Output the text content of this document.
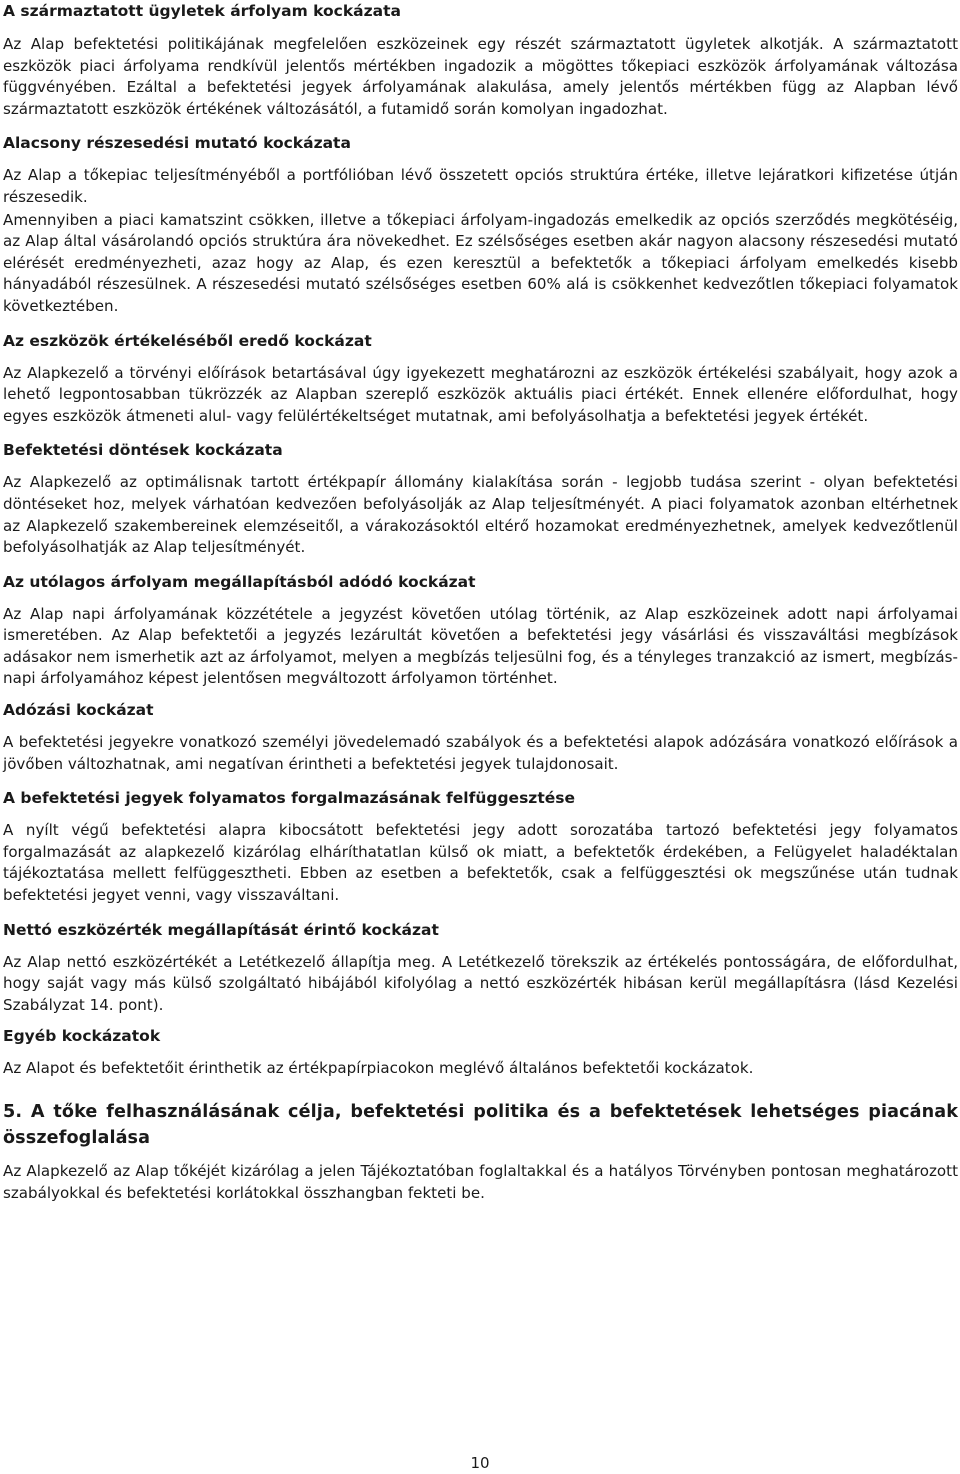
A származtatott ügyletek árfolyam kockázata

Az Alap befektetési politikájának megfelelően eszközeinek egy részét származtatott ügyletek alkotják. A származtatott eszközök piaci árfolyama rendkívül jelentős mértékben ingadozik a mögöttes tőkepiaci eszközök árfolyamának változása függvényében. Ezáltal a befektetési jegyek árfolyamának alakulása, amely jelentős mértékben függ az Alapban lévő származtatott eszközök értékének változásától, a futamidő során komolyan ingadozhat.

Alacsony részesedési mutató kockázata

Az Alap a tőkepiac teljesítményéből a portfólióban lévő összetett opciós struktúra értéke, illetve lejáratkori kifizetése útján részesedik.

Amennyiben a piaci kamatszint csökken, illetve a tőkepiaci árfolyam-ingadozás emelkedik az opciós szerződés megkötéséig, az Alap által vásárolandó opciós struktúra ára növekedhet. Ez szélsőséges esetben akár nagyon alacsony részesedési mutató elérését eredményezheti, azaz hogy az Alap, és ezen keresztül a befektetők a tőkepiaci árfolyam emelkedés kisebb hányadából részesülnek. A részesedési mutató szélsőséges esetben 60% alá is csökkenhet kedvezőtlen tőkepiaci folyamatok következtében.

Az eszközök értékeléséből eredő kockázat

Az Alapkezelő a törvényi előírások betartásával úgy igyekezett meghatározni az eszközök értékelési szabályait, hogy azok a lehető legpontosabban tükrözzék az Alapban szereplő eszközök aktuális piaci értékét. Ennek ellenére előfordulhat, hogy egyes eszközök átmeneti alul- vagy felülértékeltséget mutatnak, ami befolyásolhatja a befektetési jegyek értékét.

Befektetési döntések kockázata

Az Alapkezelő az optimálisnak tartott értékpapír állomány kialakítása során - legjobb tudása szerint - olyan befektetési döntéseket hoz, melyek várhatóan kedvezően befolyásolják az Alap teljesítményét. A piaci folyamatok azonban eltérhetnek az Alapkezelő szakembereinek elemzéseitől, a várakozásoktól eltérő hozamokat eredményezhetnek, amelyek kedvezőtlenül befolyásolhatják az Alap teljesítményét.

Az utólagos árfolyam megállapításból adódó kockázat

Az Alap napi árfolyamának közzététele a jegyzést követően utólag történik, az Alap eszközeinek adott napi árfolyamai ismeretében. Az Alap befektetői a jegyzés lezárultát követően a befektetési jegy vásárlási és visszaváltási megbízások adásakor nem ismerhetik azt az árfolyamot, melyen a megbízás teljesülni fog, és a tényleges tranzakció az ismert, megbízás-napi árfolyamához képest jelentősen megváltozott árfolyamon történhet.

Adózási kockázat

A befektetési jegyekre vonatkozó személyi jövedelemadó szabályok és a befektetési alapok adózására vonatkozó előírások a jövőben változhatnak, ami negatívan érintheti a befektetési jegyek tulajdonosait.

A befektetési jegyek folyamatos forgalmazásának felfüggesztése

A nyílt végű befektetési alapra kibocsátott befektetési jegy adott sorozatába tartozó befektetési jegy folyamatos forgalmazását az alapkezelő kizárólag elháríthatatlan külső ok miatt, a befektetők érdekében, a Felügyelet haladéktalan tájékoztatása mellett felfüggesztheti. Ebben az esetben a befektetők, csak a felfüggesztési ok megszűnése után tudnak befektetési jegyet venni, vagy visszaváltani.

Nettó eszközérték megállapítását érintő kockázat

Az Alap nettó eszközértékét a Letétkezelő állapítja meg. A Letétkezelő törekszik az értékelés pontosságára, de előfordulhat, hogy saját vagy más külső szolgáltató hibájából kifolyólag a nettó eszközérték hibásan kerül megállapításra (lásd Kezelési Szabályzat 14. pont).

Egyéb kockázatok

Az Alapot és befektetőit érinthetik az értékpapírpiacokon meglévő általános befektetői kockázatok.

5. A tőke felhasználásának célja, befektetési politika és a befektetések lehetséges piacának összefoglalása

Az Alapkezelő az Alap tőkéjét kizárólag a jelen Tájékoztatóban foglaltakkal és a hatályos Törvényben pontosan meghatározott szabályokkal és befektetési korlátokkal összhangban fekteti be.

10
